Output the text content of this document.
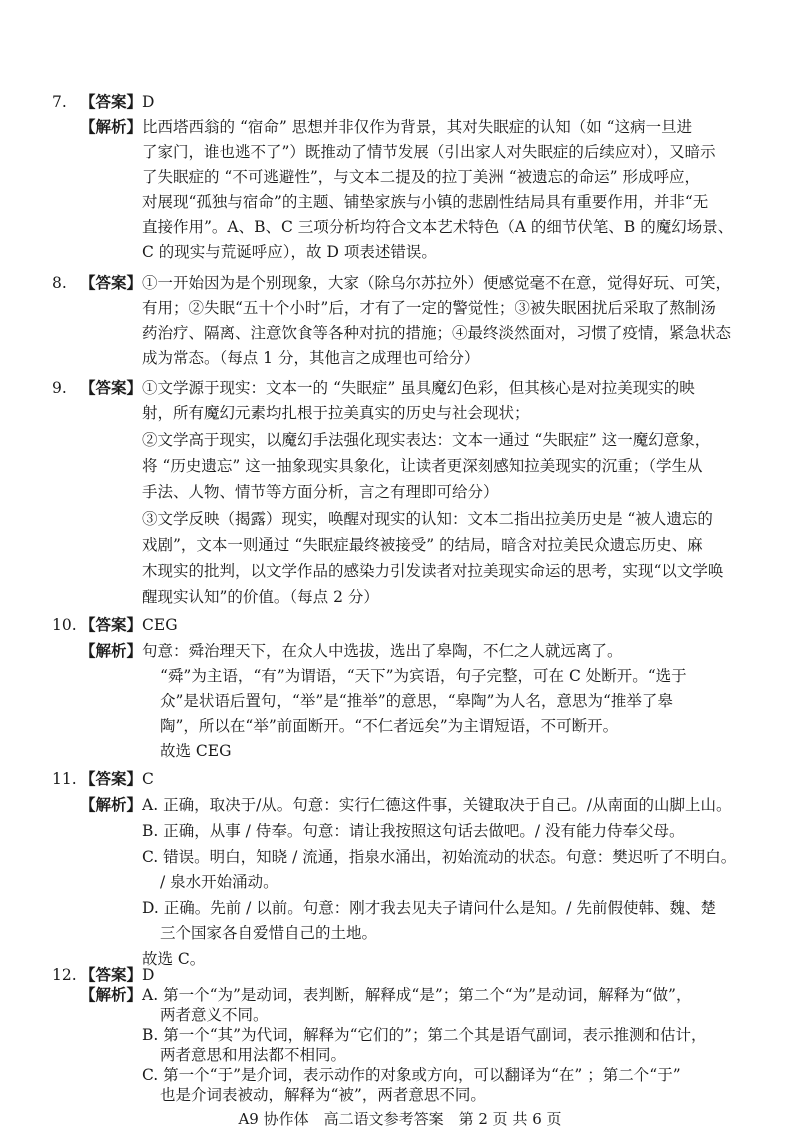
7. 【答案】D
【解析】比西塔西翁的 “宿命” 思想并非仅作为背景，其对失眠症的认知（如 “这病一旦进
了家门，谁也逃不了”）既推动了情节发展（引出家人对失眠症的后续应对），又暗示
了失眠症的 “不可逃避性”，与文本二提及的拉丁美洲 “被遗忘的命运” 形成呼应，
对展现“孤独与宿命”的主题、铺垫家族与小镇的悲剧性结局具有重要作用，并非“无
直接作用”。A、B、C 三项分析均符合文本艺术特色（A 的细节伏笔、B 的魔幻场景、
C 的现实与荒诞呼应），故 D 项表述错误。
8. 【答案】①一开始因为是个别现象，大家（除乌尔苏拉外）便感觉毫不在意，觉得好玩、可笑，
有用；②失眠“五十个小时”后，才有了一定的警觉性；③被失眠困扰后采取了熬制汤
药治疗、隔离、注意饮食等各种对抗的措施；④最终淡然面对，习惯了疫情，紧急状态
成为常态。（每点 1 分，其他言之成理也可给分）
9. 【答案】①文学源于现实：文本一的 “失眠症” 虽具魔幻色彩，但其核心是对拉美现实的映
射，所有魔幻元素均扎根于拉美真实的历史与社会现状；
②文学高于现实，以魔幻手法强化现实表达：文本一通过 “失眠症” 这一魔幻意象，
将 “历史遗忘” 这一抽象现实具象化，让读者更深刻感知拉美现实的沉重；（学生从
手法、人物、情节等方面分析，言之有理即可给分）
③文学反映（揭露）现实，唤醒对现实的认知：文本二指出拉美历史是 “被人遗忘的
戏剧”，文本一则通过 “失眠症最终被接受” 的结局，暗含对拉美民众遗忘历史、麻
木现实的批判，以文学作品的感染力引发读者对拉美现实命运的思考，实现“以文学唤
醒现实认知”的价值。（每点 2 分）
10. 【答案】CEG
【解析】句意：舜治理天下，在众人中选拔，选出了皋陶，不仁之人就远离了。
“舜”为主语，“有”为谓语，“天下”为宾语，句子完整，可在 C 处断开。“选于
众”是状语后置句，“举”是“推举”的意思，“皋陶”为人名，意思为“推举了皋
陶”，所以在“举”前面断开。“不仁者远矣”为主谓短语，不可断开。
故选 CEG
11. 【答案】C
【解析】A. 正确，取决于/从。句意：实行仁德这件事，关键取决于自己。/从南面的山脚上山。
B. 正确，从事 / 侍奉。句意：请让我按照这句话去做吧。/ 没有能力侍奉父母。
C. 错误。明白，知晓 / 流通，指泉水涌出，初始流动的状态。句意：樊迟听了不明白。
/ 泉水开始涌动。
D. 正确。先前 / 以前。句意：刚才我去见夫子请问什么是知。/ 先前假使韩、魏、楚
三个国家各自爱惜自己的土地。
故选 C。
12. 【答案】D
【解析】A. 第一个“为”是动词，表判断，解释成“是”；第二个“为”是动词，解释为“做”，
两者意义不同。
A9 协作体　高二语文参考答案　第 2 页 共 6 页
B. 第一个“其”为代词，解释为“它们的”；第二个其是语气副词，表示推测和估计，
两者意思和用法都不相同。
C. 第一个“于”是介词，表示动作的对象或方向，可以翻译为“在” ；第二个“于”
也是介词表被动，解释为“被”，两者意思不同。
